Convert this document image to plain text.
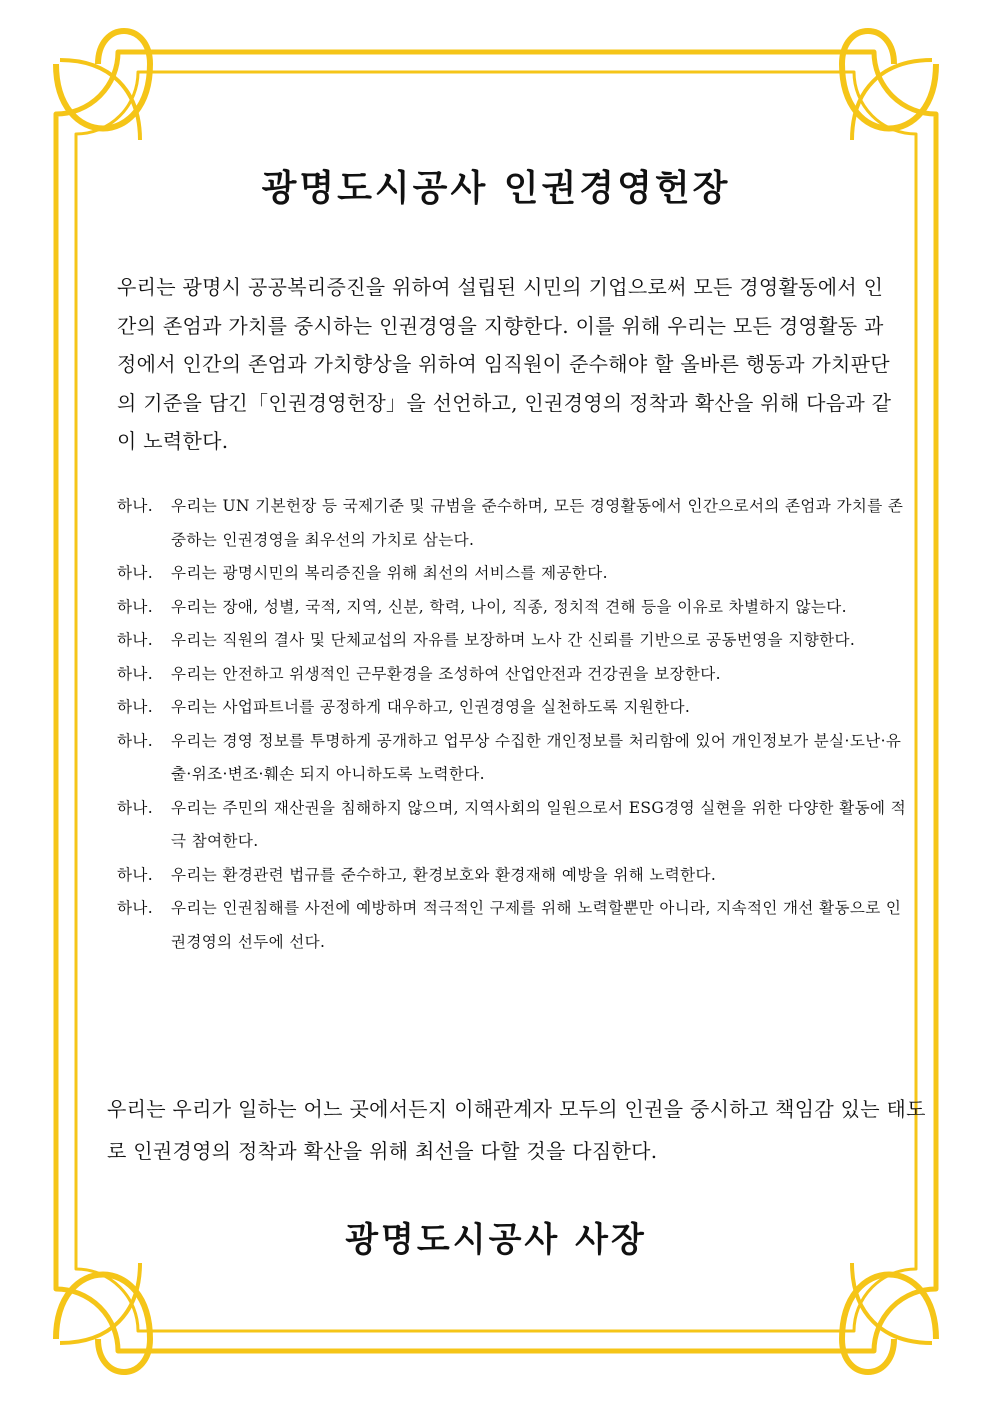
광명도시공사 인권경영헌장

우리는 광명시 공공복리증진을 위하여 설립된 시민의 기업으로써 모든 경영활동에서 인간의 존엄과 가치를 중시하는 인권경영을 지향한다. 이를 위해 우리는 모든 경영활동 과정에서 인간의 존엄과 가치향상을 위하여 임직원이 준수해야 할 올바른 행동과 가치판단의 기준을 담긴「인권경영헌장」을 선언하고, 인권경영의 정착과 확산을 위해 다음과 같이 노력한다.

하나. 우리는 UN 기본헌장 등 국제기준 및 규범을 준수하며, 모든 경영활동에서 인간으로서의 존엄과 가치를 존중하는 인권경영을 최우선의 가치로 삼는다.
하나. 우리는 광명시민의 복리증진을 위해 최선의 서비스를 제공한다.
하나. 우리는 장애, 성별, 국적, 지역, 신분, 학력, 나이, 직종, 정치적 견해 등을 이유로 차별하지 않는다.
하나. 우리는 직원의 결사 및 단체교섭의 자유를 보장하며 노사 간 신뢰를 기반으로 공동번영을 지향한다.
하나. 우리는 안전하고 위생적인 근무환경을 조성하여 산업안전과 건강권을 보장한다.
하나. 우리는 사업파트너를 공정하게 대우하고, 인권경영을 실천하도록 지원한다.
하나. 우리는 경영 정보를 투명하게 공개하고 업무상 수집한 개인정보를 처리함에 있어 개인정보가 분실·도난·유출·위조·변조·훼손 되지 아니하도록 노력한다.
하나. 우리는 주민의 재산권을 침해하지 않으며, 지역사회의 일원으로서 ESG경영 실현을 위한 다양한 활동에 적극 참여한다.
하나. 우리는 환경관련 법규를 준수하고, 환경보호와 환경재해 예방을 위해 노력한다.
하나. 우리는 인권침해를 사전에 예방하며 적극적인 구제를 위해 노력할뿐만 아니라, 지속적인 개선 활동으로 인권경영의 선두에 선다.

우리는 우리가 일하는 어느 곳에서든지 이해관계자 모두의 인권을 중시하고 책임감 있는 태도로 인권경영의 정착과 확산을 위해 최선을 다할 것을 다짐한다.

광명도시공사 사장
